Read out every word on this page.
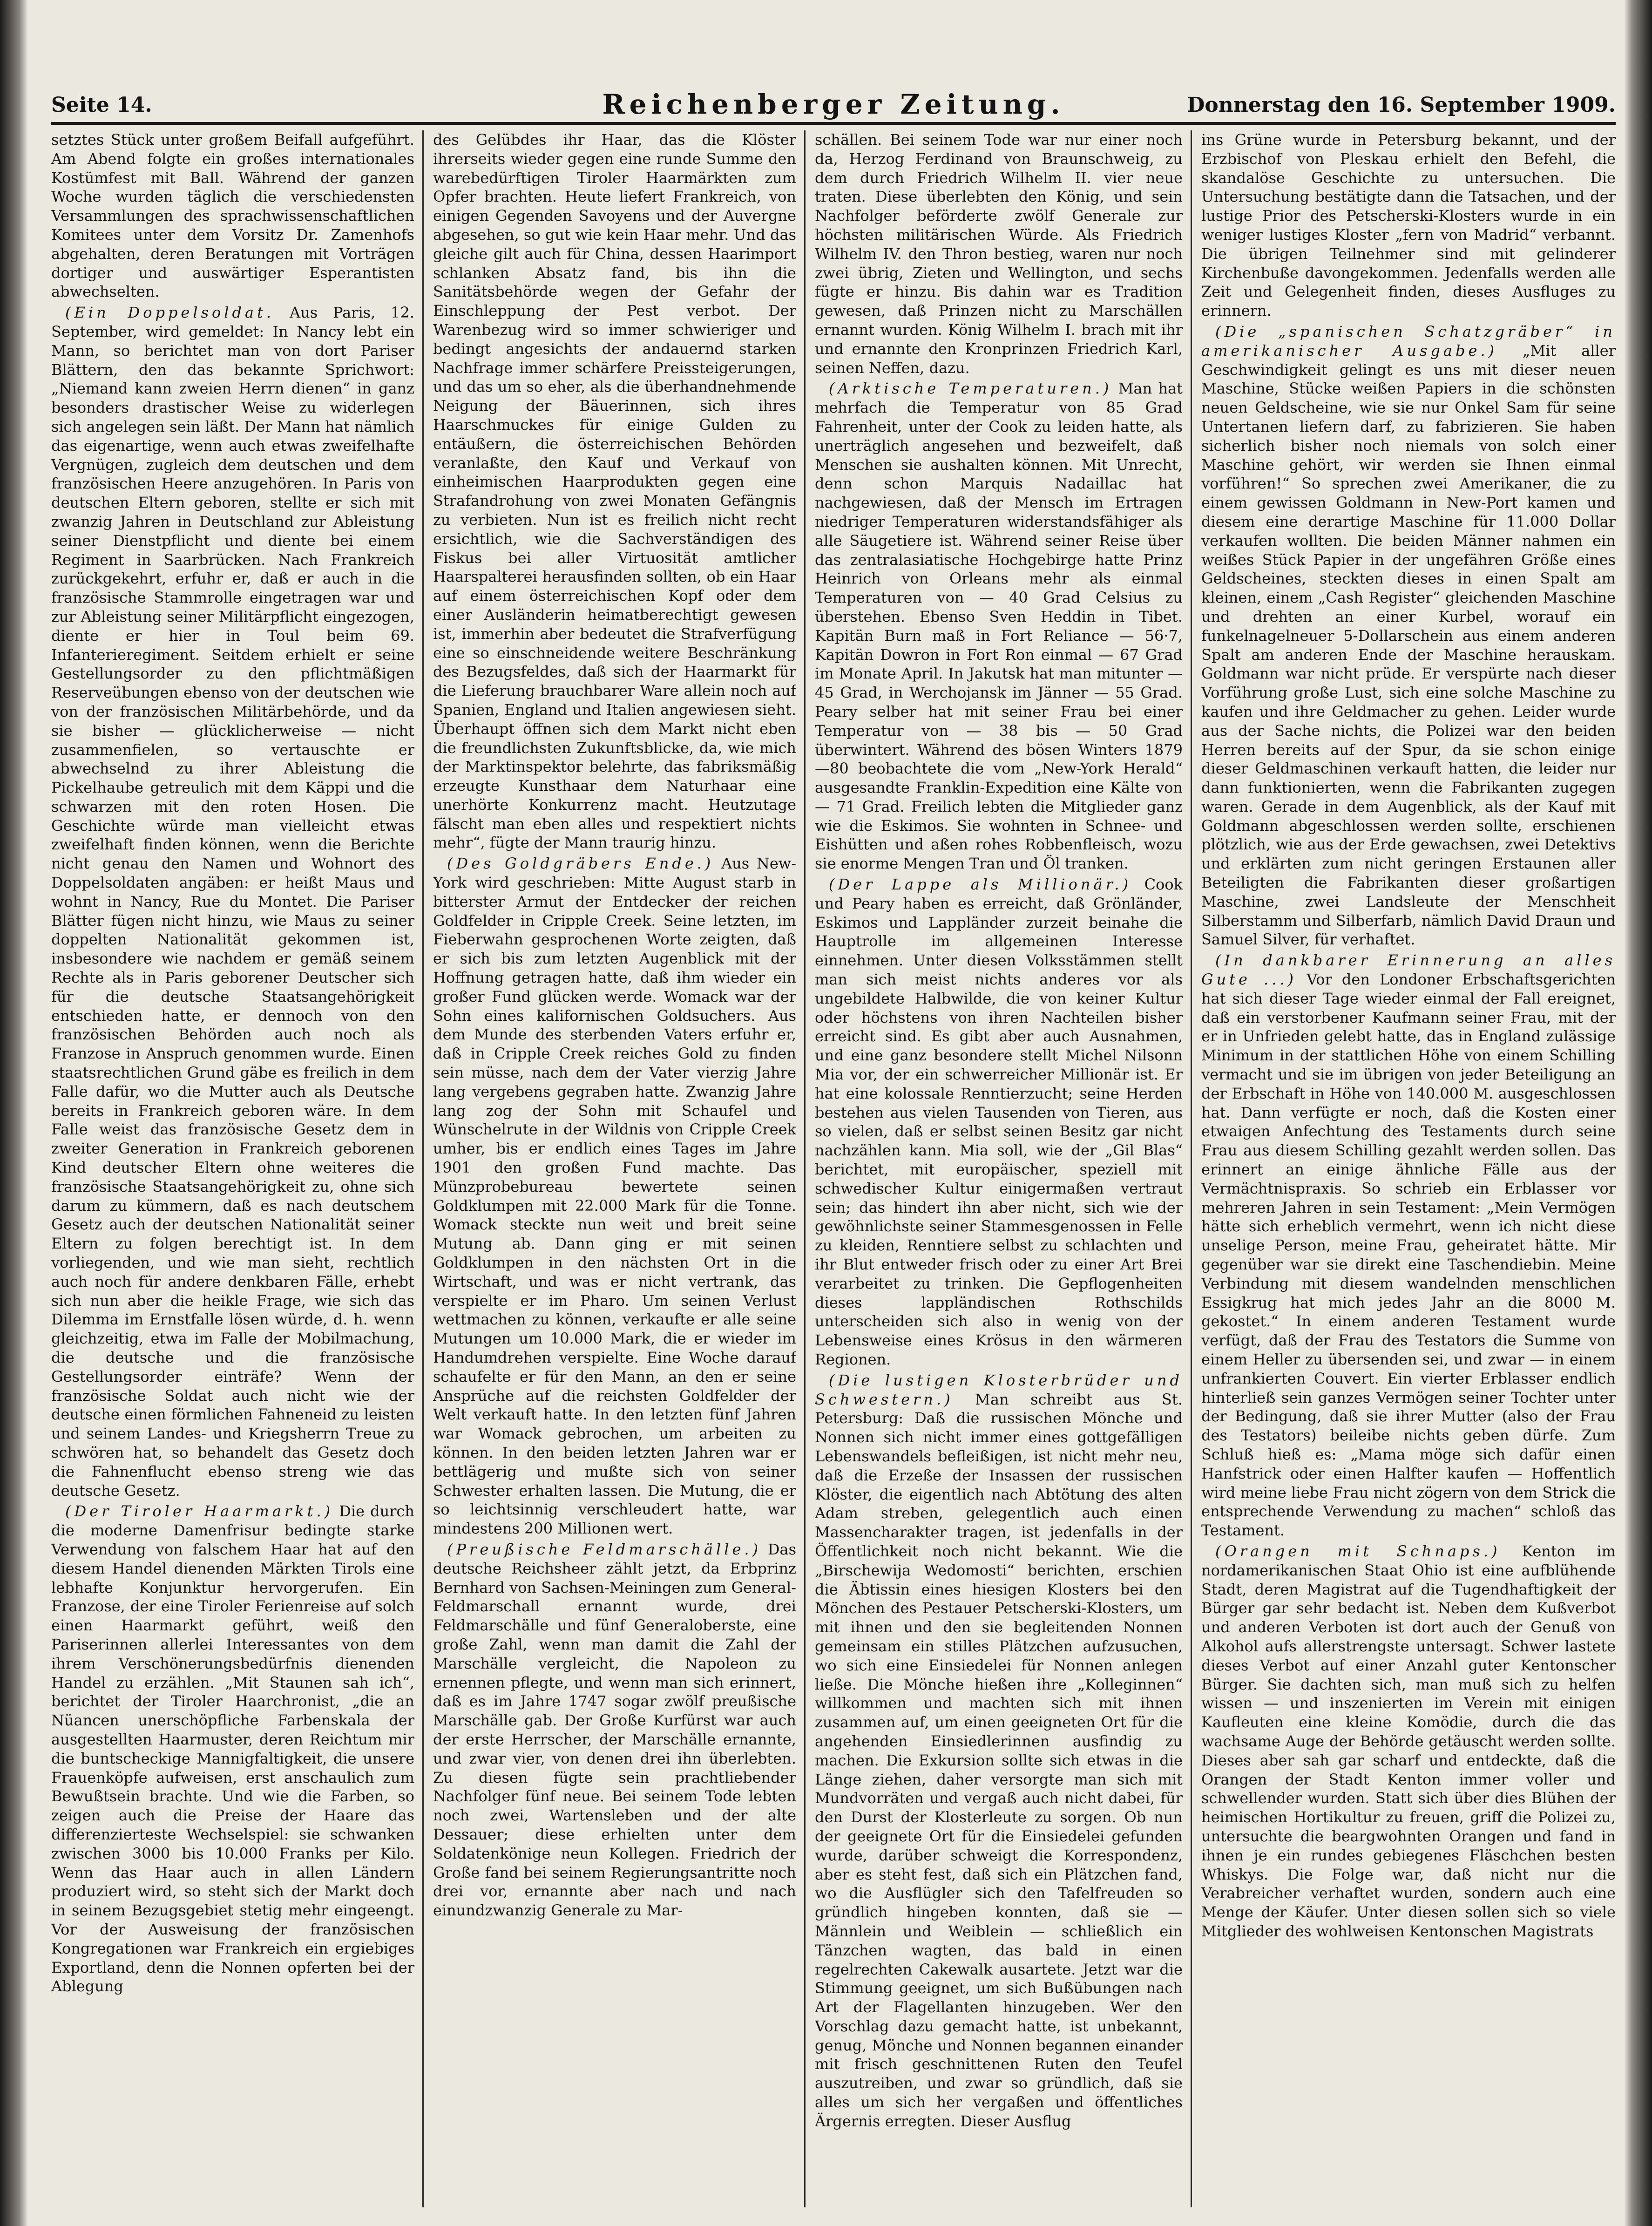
Seite 14.	Reichenberger Zeitung.	Donnerstag den 16. September 1909.

setztes Stück unter großem Beifall aufgeführt. Am Abend folgte ein großes internationales Kostümfest mit Ball. Während der ganzen Woche wurden täglich die verschiedensten Versammlungen des sprachwissenschaftlichen Komitees unter dem Vorsitz Dr. Zamenhofs abgehalten, deren Beratungen mit Vorträgen dortiger und auswärtiger Esperantisten abwechselten.

(Ein Doppelsoldat. Aus Paris, 12. September, wird gemeldet: In Nancy lebt ein Mann, so berichtet man von dort Pariser Blättern, den das bekannte Sprichwort: „Niemand kann zweien Herrn dienen“ in ganz besonders drastischer Weise zu widerlegen sich angelegen sein läßt. Der Mann hat nämlich das eigenartige, wenn auch etwas zweifelhafte Vergnügen, zugleich dem deutschen und dem französischen Heere anzugehören. In Paris von deutschen Eltern geboren, stellte er sich mit zwanzig Jahren in Deutschland zur Ableistung seiner Dienstpflicht und diente bei einem Regiment in Saarbrücken. Nach Frankreich zurückgekehrt, erfuhr er, daß er auch in die französische Stammrolle eingetragen war und zur Ableistung seiner Militärpflicht eingezogen, diente er hier in Toul beim 69. Infanterieregiment. Seitdem erhielt er seine Gestellungsorder zu den pflichtmäßigen Reserveübungen ebenso von der deutschen wie von der französischen Militärbehörde, und da sie bisher — glücklicherweise — nicht zusammenfielen, so vertauschte er abwechselnd zu ihrer Ableistung die Pickelhaube getreulich mit dem Käppi und die schwarzen mit den roten Hosen. Die Geschichte würde man vielleicht etwas zweifelhaft finden können, wenn die Berichte nicht genau den Namen und Wohnort des Doppelsoldaten angäben: er heißt Maus und wohnt in Nancy, Rue du Montet. Die Pariser Blätter fügen nicht hinzu, wie Maus zu seiner doppelten Nationalität gekommen ist, insbesondere wie nachdem er gemäß seinem Rechte als in Paris geborener Deutscher sich für die deutsche Staatsangehörigkeit entschieden hatte, er dennoch von den französischen Behörden auch noch als Franzose in Anspruch genommen wurde. Einen staatsrechtlichen Grund gäbe es freilich in dem Falle dafür, wo die Mutter auch als Deutsche bereits in Frankreich geboren wäre. In dem Falle weist das französische Gesetz dem in zweiter Generation in Frankreich geborenen Kind deutscher Eltern ohne weiteres die französische Staatsangehörigkeit zu, ohne sich darum zu kümmern, daß es nach deutschem Gesetz auch der deutschen Nationalität seiner Eltern zu folgen berechtigt ist. In dem vorliegenden, und wie man sieht, rechtlich auch noch für andere denkbaren Fälle, erhebt sich nun aber die heikle Frage, wie sich das Dilemma im Ernstfalle lösen würde, d. h. wenn gleichzeitig, etwa im Falle der Mobilmachung, die deutsche und die französische Gestellungsorder einträfe? Wenn der französische Soldat auch nicht wie der deutsche einen förmlichen Fahneneid zu leisten und seinem Landes- und Kriegsherrn Treue zu schwören hat, so behandelt das Gesetz doch die Fahnenflucht ebenso streng wie das deutsche Gesetz.

(Der Tiroler Haarmarkt.) Die durch die moderne Damenfrisur bedingte starke Verwendung von falschem Haar hat auf den diesem Handel dienenden Märkten Tirols eine lebhafte Konjunktur hervorgerufen. Ein Franzose, der eine Tiroler Ferienreise auf solch einen Haarmarkt geführt, weiß den Pariserinnen allerlei Interessantes von dem ihrem Verschönerungsbedürfnis dienenden Handel zu erzählen. „Mit Staunen sah ich“, berichtet der Tiroler Haarchronist, „die an Nüancen unerschöpfliche Farbenskala der ausgestellten Haarmuster, deren Reichtum mir die buntscheckige Mannigfaltigkeit, die unsere Frauenköpfe aufweisen, erst anschaulich zum Bewußtsein brachte. Und wie die Farben, so zeigen auch die Preise der Haare das differenzierteste Wechselspiel: sie schwanken zwischen 3000 bis 10.000 Franks per Kilo. Wenn das Haar auch in allen Ländern produziert wird, so steht sich der Markt doch in seinem Bezugsgebiet stetig mehr eingeengt. Vor der Ausweisung der französischen Kongregationen war Frankreich ein ergiebiges Exportland, denn die Nonnen opferten bei der Ablegung

des Gelübdes ihr Haar, das die Klöster ihrerseits wieder gegen eine runde Summe den warebedürftigen Tiroler Haarmärkten zum Opfer brachten. Heute liefert Frankreich, von einigen Gegenden Savoyens und der Auvergne abgesehen, so gut wie kein Haar mehr. Und das gleiche gilt auch für China, dessen Haarimport schlanken Absatz fand, bis ihn die Sanitätsbehörde wegen der Gefahr der Einschleppung der Pest verbot. Der Warenbezug wird so immer schwieriger und bedingt angesichts der andauernd starken Nachfrage immer schärfere Preissteigerungen, und das um so eher, als die überhandnehmende Neigung der Bäuerinnen, sich ihres Haarschmuckes für einige Gulden zu entäußern, die österreichischen Behörden veranlaßte, den Kauf und Verkauf von einheimischen Haarprodukten gegen eine Strafandrohung von zwei Monaten Gefängnis zu verbieten. Nun ist es freilich nicht recht ersichtlich, wie die Sachverständigen des Fiskus bei aller Virtuosität amtlicher Haarspalterei herausfinden sollten, ob ein Haar auf einem österreichischen Kopf oder dem einer Ausländerin heimatberechtigt gewesen ist, immerhin aber bedeutet die Strafverfügung eine so einschneidende weitere Beschränkung des Bezugsfeldes, daß sich der Haarmarkt für die Lieferung brauchbarer Ware allein noch auf Spanien, England und Italien angewiesen sieht. Überhaupt öffnen sich dem Markt nicht eben die freundlichsten Zukunftsblicke, da, wie mich der Marktinspektor belehrte, das fabriksmäßig erzeugte Kunsthaar dem Naturhaar eine unerhörte Konkurrenz macht. Heutzutage fälscht man eben alles und respektiert nichts mehr“, fügte der Mann traurig hinzu.

(Des Goldgräbers Ende.) Aus New-York wird geschrieben: Mitte August starb in bitterster Armut der Entdecker der reichen Goldfelder in Cripple Creek. Seine letzten, im Fieberwahn gesprochenen Worte zeigten, daß er sich bis zum letzten Augenblick mit der Hoffnung getragen hatte, daß ihm wieder ein großer Fund glücken werde. Womack war der Sohn eines kalifornischen Goldsuchers. Aus dem Munde des sterbenden Vaters erfuhr er, daß in Cripple Creek reiches Gold zu finden sein müsse, nach dem der Vater vierzig Jahre lang vergebens gegraben hatte. Zwanzig Jahre lang zog der Sohn mit Schaufel und Wünschelrute in der Wildnis von Cripple Creek umher, bis er endlich eines Tages im Jahre 1901 den großen Fund machte. Das Münzprobebureau bewertete seinen Goldklumpen mit 22.000 Mark für die Tonne. Womack steckte nun weit und breit seine Mutung ab. Dann ging er mit seinen Goldklumpen in den nächsten Ort in die Wirtschaft, und was er nicht vertrank, das verspielte er im Pharo. Um seinen Verlust wettmachen zu können, verkaufte er alle seine Mutungen um 10.000 Mark, die er wieder im Handumdrehen verspielte. Eine Woche darauf schaufelte er für den Mann, an den er seine Ansprüche auf die reichsten Goldfelder der Welt verkauft hatte. In den letzten fünf Jahren war Womack gebrochen, um arbeiten zu können. In den beiden letzten Jahren war er bettlägerig und mußte sich von seiner Schwester erhalten lassen. Die Mutung, die er so leichtsinnig verschleudert hatte, war mindestens 200 Millionen wert.

(Preußische Feldmarschälle.) Das deutsche Reichsheer zählt jetzt, da Erbprinz Bernhard von Sachsen-Meiningen zum General-Feldmarschall ernannt wurde, drei Feldmarschälle und fünf Generaloberste, eine große Zahl, wenn man damit die Zahl der Marschälle vergleicht, die Napoleon zu ernennen pflegte, und wenn man sich erinnert, daß es im Jahre 1747 sogar zwölf preußische Marschälle gab. Der Große Kurfürst war auch der erste Herrscher, der Marschälle ernannte, und zwar vier, von denen drei ihn überlebten. Zu diesen fügte sein prachtliebender Nachfolger fünf neue. Bei seinem Tode lebten noch zwei, Wartensleben und der alte Dessauer; diese erhielten unter dem Soldatenkönige neun Kollegen. Friedrich der Große fand bei seinem Regierungsantritte noch drei vor, ernannte aber nach und nach einundzwanzig Generale zu Mar-

schällen. Bei seinem Tode war nur einer noch da, Herzog Ferdinand von Braunschweig, zu dem durch Friedrich Wilhelm II. vier neue traten. Diese überlebten den König, und sein Nachfolger beförderte zwölf Generale zur höchsten militärischen Würde. Als Friedrich Wilhelm IV. den Thron bestieg, waren nur noch zwei übrig, Zieten und Wellington, und sechs fügte er hinzu. Bis dahin war es Tradition gewesen, daß Prinzen nicht zu Marschällen ernannt wurden. König Wilhelm I. brach mit ihr und ernannte den Kronprinzen Friedrich Karl, seinen Neffen, dazu.

(Arktische Temperaturen.) Man hat mehrfach die Temperatur von 85 Grad Fahrenheit, unter der Cook zu leiden hatte, als unerträglich angesehen und bezweifelt, daß Menschen sie aushalten können. Mit Unrecht, denn schon Marquis Nadaillac hat nachgewiesen, daß der Mensch im Ertragen niedriger Temperaturen widerstandsfähiger als alle Säugetiere ist. Während seiner Reise über das zentralasiatische Hochgebirge hatte Prinz Heinrich von Orleans mehr als einmal Temperaturen von — 40 Grad Celsius zu überstehen. Ebenso Sven Heddin in Tibet. Kapitän Burn maß in Fort Reliance — 56·7, Kapitän Dowron in Fort Ron einmal — 67 Grad im Monate April. In Jakutsk hat man mitunter — 45 Grad, in Werchojansk im Jänner — 55 Grad. Peary selber hat mit seiner Frau bei einer Temperatur von — 38 bis — 50 Grad überwintert. Während des bösen Winters 1879—80 beobachtete die vom „New-York Herald“ ausgesandte Franklin-Expedition eine Kälte von — 71 Grad. Freilich lebten die Mitglieder ganz wie die Eskimos. Sie wohnten in Schnee- und Eishütten und aßen rohes Robbenfleisch, wozu sie enorme Mengen Tran und Öl tranken.

(Der Lappe als Millionär.) Cook und Peary haben es erreicht, daß Grönländer, Eskimos und Lappländer zurzeit beinahe die Hauptrolle im allgemeinen Interesse einnehmen. Unter diesen Volksstämmen stellt man sich meist nichts anderes vor als ungebildete Halbwilde, die von keiner Kultur oder höchstens von ihren Nachteilen bisher erreicht sind. Es gibt aber auch Ausnahmen, und eine ganz besondere stellt Michel Nilsonn Mia vor, der ein schwerreicher Millionär ist. Er hat eine kolossale Renntierzucht; seine Herden bestehen aus vielen Tausenden von Tieren, aus so vielen, daß er selbst seinen Besitz gar nicht nachzählen kann. Mia soll, wie der „Gil Blas“ berichtet, mit europäischer, speziell mit schwedischer Kultur einigermaßen vertraut sein; das hindert ihn aber nicht, sich wie der gewöhnlichste seiner Stammesgenossen in Felle zu kleiden, Renntiere selbst zu schlachten und ihr Blut entweder frisch oder zu einer Art Brei verarbeitet zu trinken. Die Gepflogenheiten dieses lappländischen Rothschilds unterscheiden sich also in wenig von der Lebensweise eines Krösus in den wärmeren Regionen.

(Die lustigen Klosterbrüder und Schwestern.) Man schreibt aus St. Petersburg: Daß die russischen Mönche und Nonnen sich nicht immer eines gottgefälligen Lebenswandels befleißigen, ist nicht mehr neu, daß die Erzeße der Insassen der russischen Klöster, die eigentlich nach Abtötung des alten Adam streben, gelegentlich auch einen Massencharakter tragen, ist jedenfalls in der Öffentlichkeit noch nicht bekannt. Wie die „Birschewija Wedomosti“ berichten, erschien die Äbtissin eines hiesigen Klosters bei den Mönchen des Pestauer Petscherski-Klosters, um mit ihnen und den sie begleitenden Nonnen gemeinsam ein stilles Plätzchen aufzusuchen, wo sich eine Einsiedelei für Nonnen anlegen ließe. Die Mönche hießen ihre „Kolleginnen“ willkommen und machten sich mit ihnen zusammen auf, um einen geeigneten Ort für die angehenden Einsiedlerinnen ausfindig zu machen. Die Exkursion sollte sich etwas in die Länge ziehen, daher versorgte man sich mit Mundvorräten und vergaß auch nicht dabei, für den Durst der Klosterleute zu sorgen. Ob nun der geeignete Ort für die Einsiedelei gefunden wurde, darüber schweigt die Korrespondenz, aber es steht fest, daß sich ein Plätzchen fand, wo die Ausflügler sich den Tafelfreuden so gründlich hingeben konnten, daß sie — Männlein und Weiblein — schließlich ein Tänzchen wagten, das bald in einen regelrechten Cakewalk ausartete. Jetzt war die Stimmung geeignet, um sich Bußübungen nach Art der Flagellanten hinzugeben. Wer den Vorschlag dazu gemacht hatte, ist unbekannt, genug, Mönche und Nonnen begannen einander mit frisch geschnittenen Ruten den Teufel auszutreiben, und zwar so gründlich, daß sie alles um sich her vergaßen und öffentliches Ärgernis erregten. Dieser Ausflug

ins Grüne wurde in Petersburg bekannt, und der Erzbischof von Pleskau erhielt den Befehl, die skandalöse Geschichte zu untersuchen. Die Untersuchung bestätigte dann die Tatsachen, und der lustige Prior des Petscherski-Klosters wurde in ein weniger lustiges Kloster „fern von Madrid“ verbannt. Die übrigen Teilnehmer sind mit gelinderer Kirchenbuße davongekommen. Jedenfalls werden alle Zeit und Gelegenheit finden, dieses Ausfluges zu erinnern.

(Die „spanischen Schatzgräber“ in amerikanischer Ausgabe.) „Mit aller Geschwindigkeit gelingt es uns mit dieser neuen Maschine, Stücke weißen Papiers in die schönsten neuen Geldscheine, wie sie nur Onkel Sam für seine Untertanen liefern darf, zu fabrizieren. Sie haben sicherlich bisher noch niemals von solch einer Maschine gehört, wir werden sie Ihnen einmal vorführen!“ So sprechen zwei Amerikaner, die zu einem gewissen Goldmann in New-Port kamen und diesem eine derartige Maschine für 11.000 Dollar verkaufen wollten. Die beiden Männer nahmen ein weißes Stück Papier in der ungefähren Größe eines Geldscheines, steckten dieses in einen Spalt am kleinen, einem „Cash Register“ gleichenden Maschine und drehten an einer Kurbel, worauf ein funkelnagelneuer 5-Dollarschein aus einem anderen Spalt am anderen Ende der Maschine herauskam. Goldmann war nicht prüde. Er verspürte nach dieser Vorführung große Lust, sich eine solche Maschine zu kaufen und ihre Geldmacher zu gehen. Leider wurde aus der Sache nichts, die Polizei war den beiden Herren bereits auf der Spur, da sie schon einige dieser Geldmaschinen verkauft hatten, die leider nur dann funktionierten, wenn die Fabrikanten zugegen waren. Gerade in dem Augenblick, als der Kauf mit Goldmann abgeschlossen werden sollte, erschienen plötzlich, wie aus der Erde gewachsen, zwei Detektivs und erklärten zum nicht geringen Erstaunen aller Beteiligten die Fabrikanten dieser großartigen Maschine, zwei Landsleute der Menschheit Silberstamm und Silberfarb, nämlich David Draun und Samuel Silver, für verhaftet.

(In dankbarer Erinnerung an alles Gute ...) Vor den Londoner Erbschaftsgerichten hat sich dieser Tage wieder einmal der Fall ereignet, daß ein verstorbener Kaufmann seiner Frau, mit der er in Unfrieden gelebt hatte, das in England zulässige Minimum in der stattlichen Höhe von einem Schilling vermacht und sie im übrigen von jeder Beteiligung an der Erbschaft in Höhe von 140.000 M. ausgeschlossen hat. Dann verfügte er noch, daß die Kosten einer etwaigen Anfechtung des Testaments durch seine Frau aus diesem Schilling gezahlt werden sollen. Das erinnert an einige ähnliche Fälle aus der Vermächtnispraxis. So schrieb ein Erblasser vor mehreren Jahren in sein Testament: „Mein Vermögen hätte sich erheblich vermehrt, wenn ich nicht diese unselige Person, meine Frau, geheiratet hätte. Mir gegenüber war sie direkt eine Taschendiebin. Meine Verbindung mit diesem wandelnden menschlichen Essigkrug hat mich jedes Jahr an die 8000 M. gekostet.“ In einem anderen Testament wurde verfügt, daß der Frau des Testators die Summe von einem Heller zu übersenden sei, und zwar — in einem unfrankierten Couvert. Ein vierter Erblasser endlich hinterließ sein ganzes Vermögen seiner Tochter unter der Bedingung, daß sie ihrer Mutter (also der Frau des Testators) beileibe nichts geben dürfe. Zum Schluß hieß es: „Mama möge sich dafür einen Hanfstrick oder einen Halfter kaufen — Hoffentlich wird meine liebe Frau nicht zögern von dem Strick die entsprechende Verwendung zu machen“ schloß das Testament.

(Orangen mit Schnaps.) Kenton im nordamerikanischen Staat Ohio ist eine aufblühende Stadt, deren Magistrat auf die Tugendhaftigkeit der Bürger gar sehr bedacht ist. Neben dem Kußverbot und anderen Verboten ist dort auch der Genuß von Alkohol aufs allerstrengste untersagt. Schwer lastete dieses Verbot auf einer Anzahl guter Kentonscher Bürger. Sie dachten sich, man muß sich zu helfen wissen — und inszenierten im Verein mit einigen Kaufleuten eine kleine Komödie, durch die das wachsame Auge der Behörde getäuscht werden sollte. Dieses aber sah gar scharf und entdeckte, daß die Orangen der Stadt Kenton immer voller und schwellender wurden. Statt sich über dies Blühen der heimischen Hortikultur zu freuen, griff die Polizei zu, untersuchte die beargwohnten Orangen und fand in ihnen je ein rundes gebiegenes Fläschchen besten Whiskys. Die Folge war, daß nicht nur die Verabreicher verhaftet wurden, sondern auch eine Menge der Käufer. Unter diesen sollen sich so viele Mitglieder des wohlweisen Kentonschen Magistrats
